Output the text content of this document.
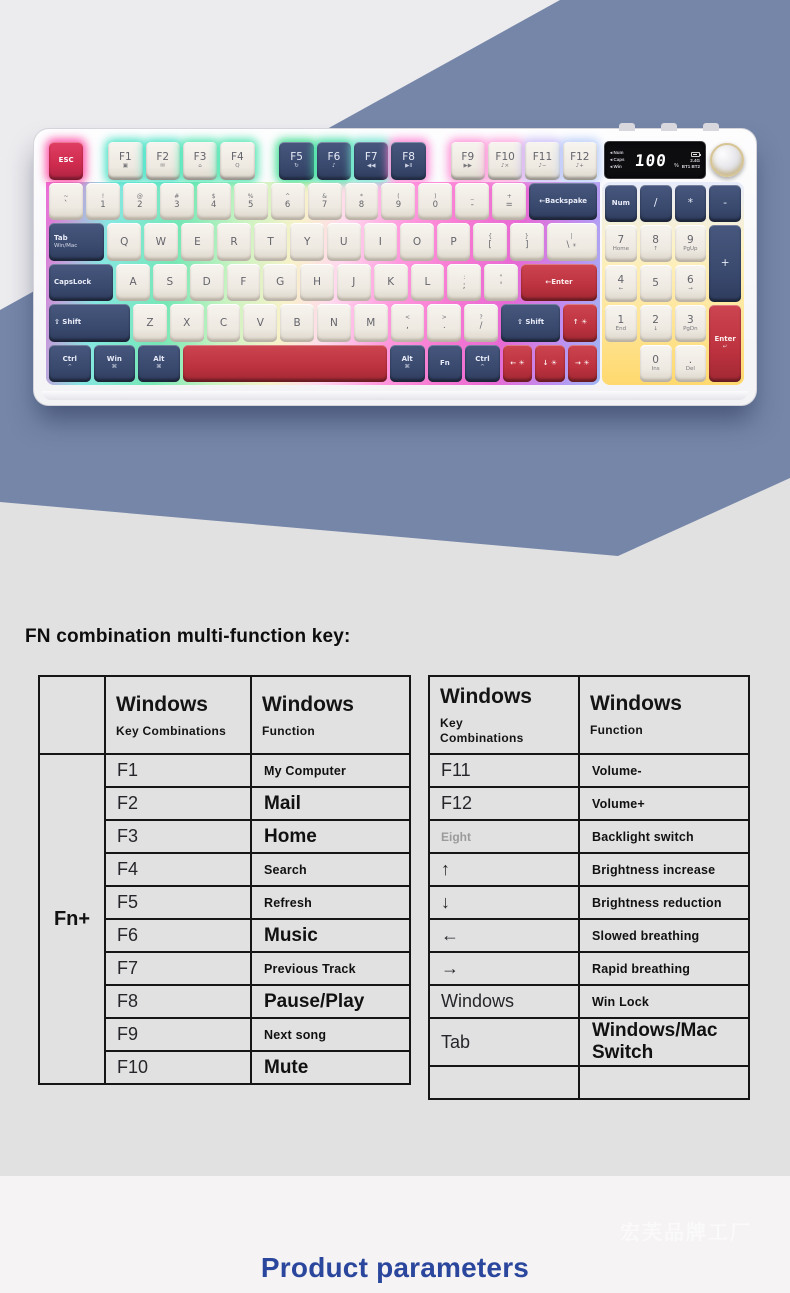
ESC	F1
▣
F2
✉
F3
⌂
F4
Q
F5
↻
F6
♪
F7
◀◀
F8
▶Ⅱ
F9
▶▶
F10
♪×
F11
♪−
F12
♪+
~
`
!
1
@
2
#
3
$
4
%
5
^
6
&
7
*
8
(
9
)
0
_
-
+
=	←Backspake
Tab
Win/Mac	Q	W	E	R	T	Y	U	I	O	P	{
[
}
]
|
\ ☀
CapsLock	A	S	D	F	G	H	J	K	L	:
;
"
'	←Enter
⇧ Shift	Z	X	C	V	B	N	M	<
,
>
.
?
/	⇧ Shift	↑ ☀
Ctrl
^
Win
⌘
Alt
⌘
Alt
⌘
Fn	Ctrl
^
← ☀	↓ ☀	→ ☀
◂ Num
◂ Caps
◂ Win 100	%
2.4G
BT1 BT2
Num /	*	-
7
Home
8
↑
9
PgUp
+
4
←	5	6
→
1
End
2
↓
3
PgDn
Enter
↵
0
Ins
.
Del
FN combination multi-function key:

Windows
Key Combinations

Windows
Function

Fn+	F1	My Computer
	F2	Mail
	F3	Home
	F4	Search
	F5	Refresh
	F6	Music
	F7	Previous Track
	F8	Pause/Play
	F9	Next song
	F10	Mute
Windows
Key Combinations

Windows
Function

F11	Volume-
F12	Volume+
Eight	Backlight switch
↑	Brightness increase
↓	Brightness reduction
←	Slowed breathing
→	Rapid breathing
Windows	Win Lock
Tab	Windows/Mac Switch

宏芙品牌工厂
Product parameters
